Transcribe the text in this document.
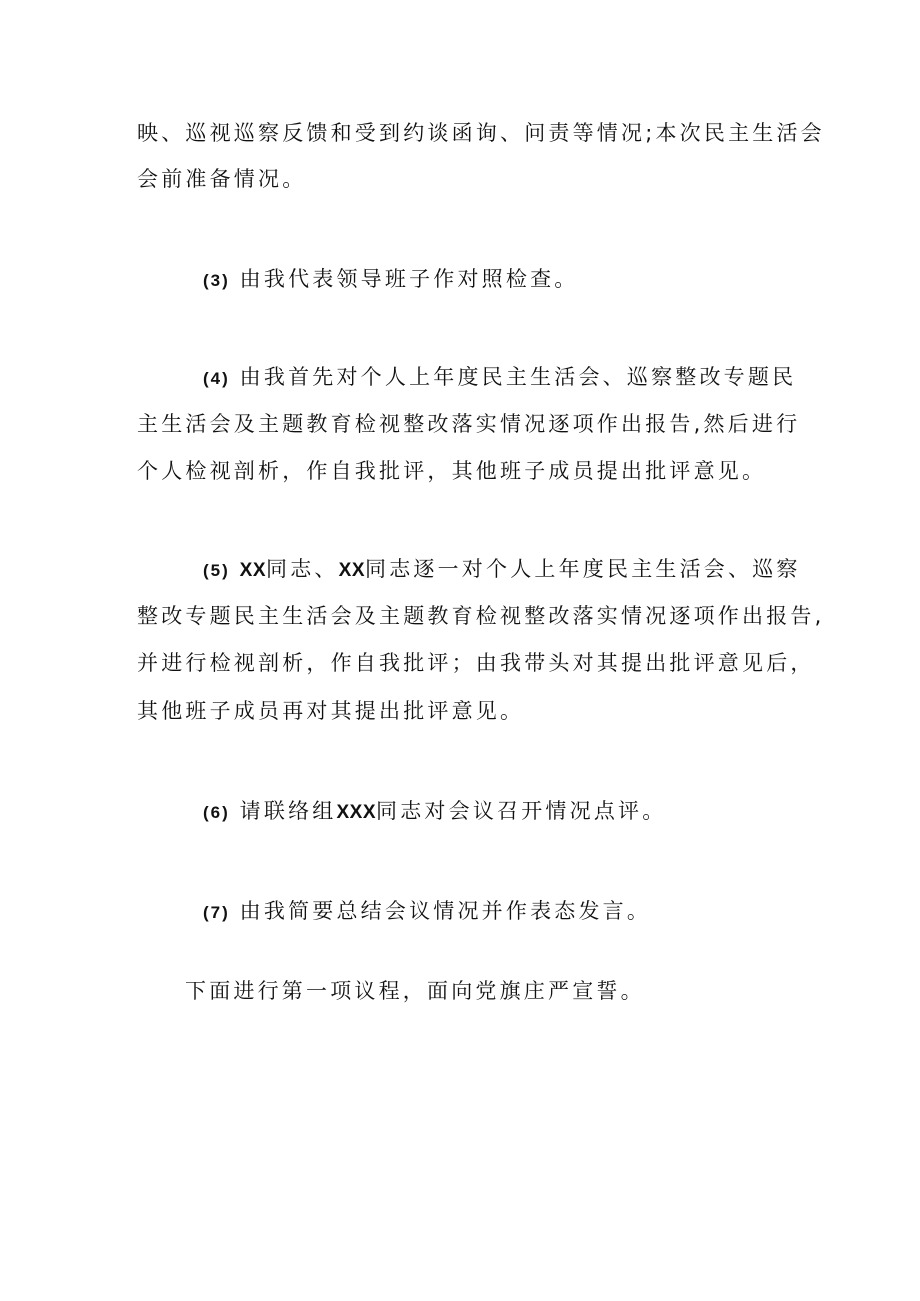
映、巡视巡察反馈和受到约谈函询、问责等情况;本次民主生活会
会前准备情况。
(3) 由我代表领导班子作对照检查。
(4) 由我首先对个人上年度民主生活会、巡察整改专题民
主生活会及主题教育检视整改落实情况逐项作出报告,然后进行
个人检视剖析，作自我批评，其他班子成员提出批评意见。
(5) XX同志、XX同志逐一对个人上年度民主生活会、巡察
整改专题民主生活会及主题教育检视整改落实情况逐项作出报告,
并进行检视剖析，作自我批评；由我带头对其提出批评意见后，
其他班子成员再对其提出批评意见。
(6) 请联络组XXX同志对会议召开情况点评。
(7) 由我简要总结会议情况并作表态发言。
下面进行第一项议程，面向党旗庄严宣誓。
